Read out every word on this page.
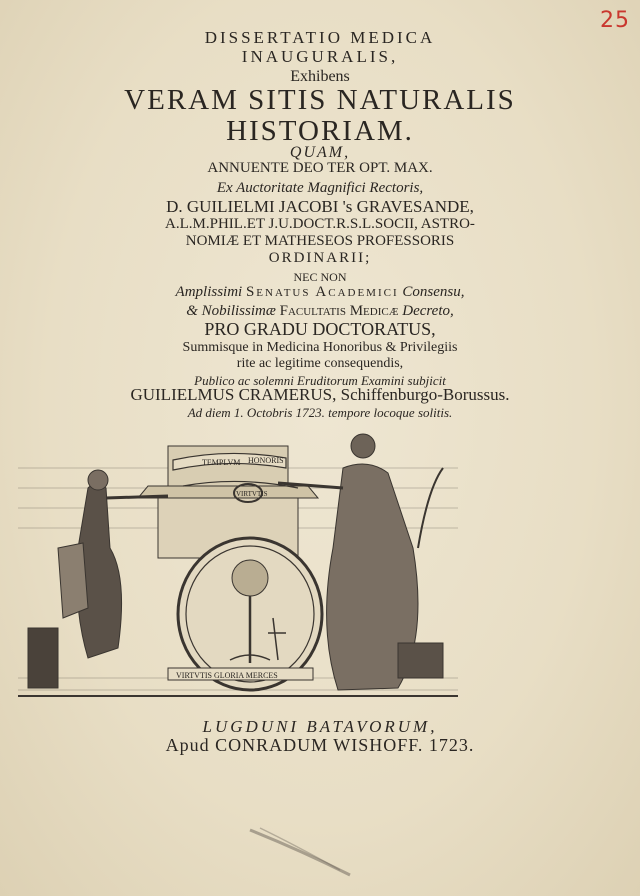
25
DISSERTATIO MEDICA
INAUGURALIS,
Exhibens
VERAM SITIS NATURALIS
HISTORIAM.
QUAM,
ANNUENTE DEO TER OPT. MAX.
Ex Auctoritate Magnifici Rectoris,
D. GUILIELMI JACOBI 's GRAVESANDE,
A.L.M.PHIL.ET J.U.DOCT.R.S.L.SOCII, ASTRO-
NOMIÆ ET MATHESEOS PROFESSORIS
ORDINARII;
NEC NON
Amplissimi Senatus Academici Consensu,
& Nobilissimæ Facultatis Medicæ Decreto,
PRO GRADU DOCTORATUS,
Summisque in Medicina Honoribus & Privilegiis
rite ac legitime consequendis,
Publico ac solemni Eruditorum Examini subjicit
GUILIELMUS CRAMERUS, Schiffenburgo-Borussus.
Ad diem 1. Octobris 1723. tempore locoque solitis.
TEMPLVM HONORIS
VIRTVTIS
VIRTVTIS GLORIA MERCES
LUGDUNI BATAVORUM,
Apud CONRADUM WISHOFF. 1723.
